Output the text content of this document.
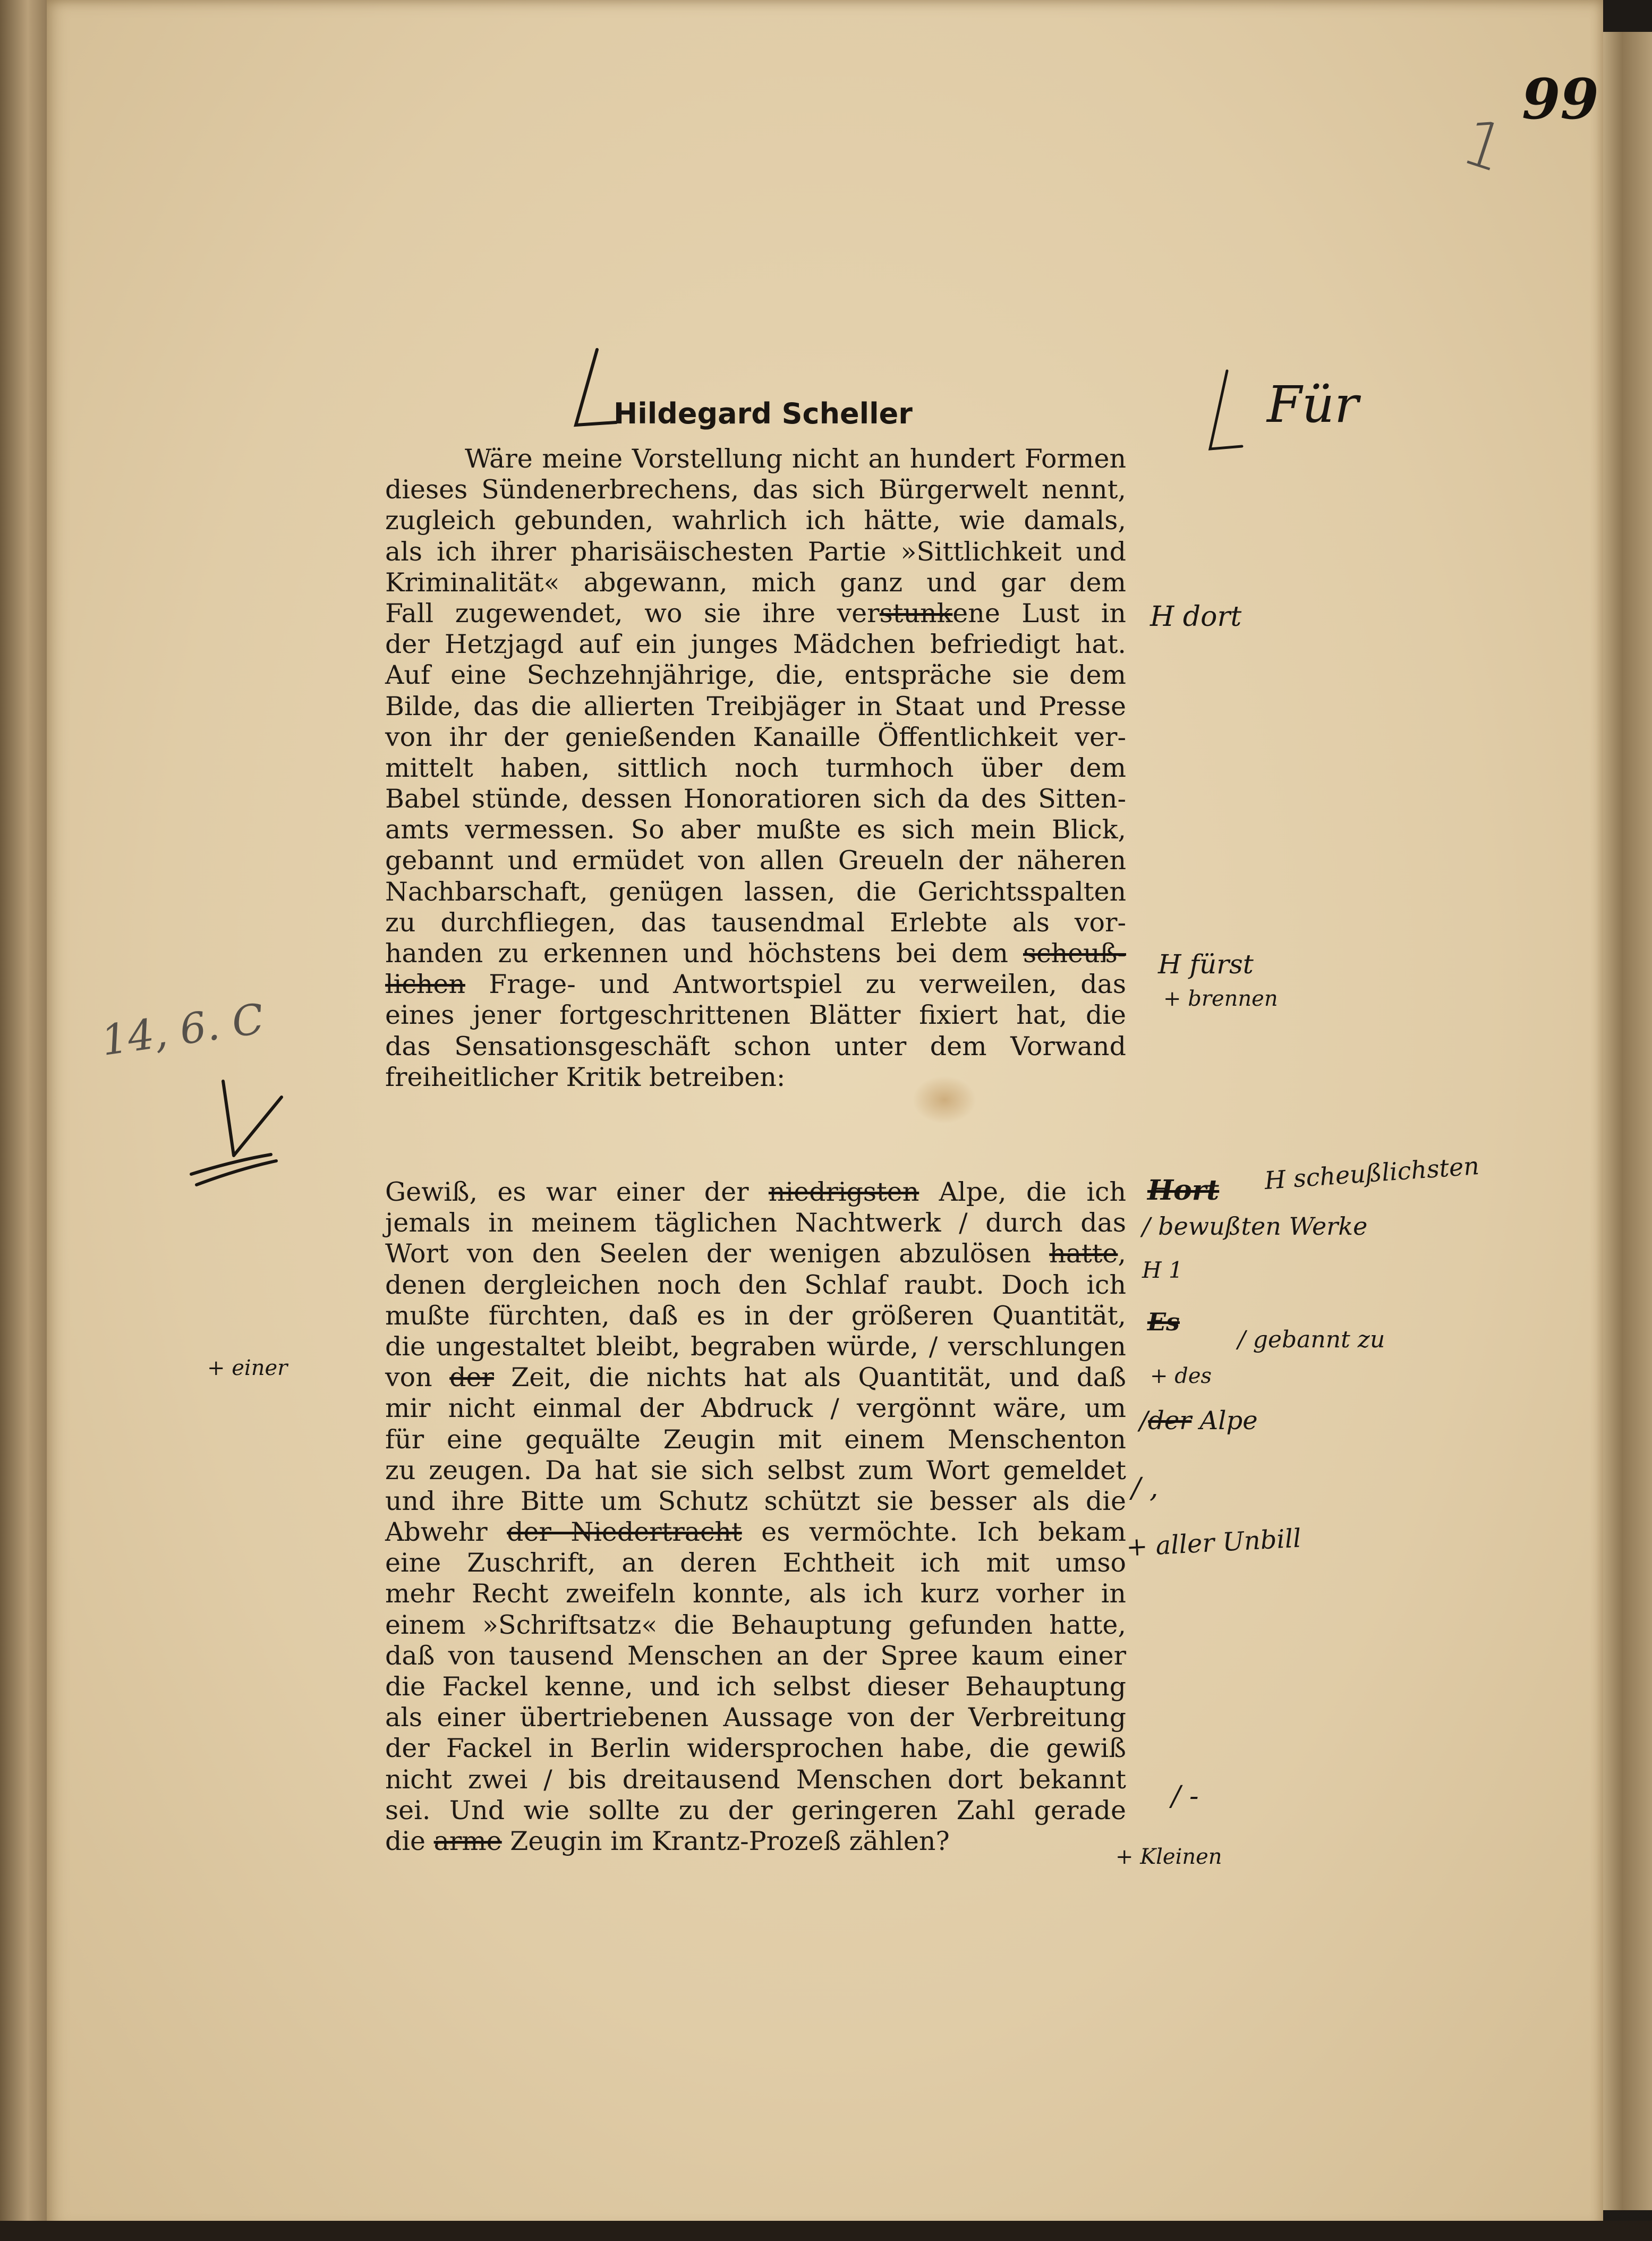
99
1
Hildegard Scheller
Wäre meine Vorstellung nicht an hundert Formen
dieses Sündenerbrechens, das sich Bürgerwelt nennt,
zugleich gebunden, wahrlich ich hätte, wie damals,
als ich ihrer pharisäischesten Partie »Sittlichkeit und
Kriminalität« abgewann, mich ganz und gar dem
Fall zugewendet, wo sie ihre verstunkene Lust in
der Hetzjagd auf ein junges Mädchen befriedigt hat.
Auf eine Sechzehnjährige, die, entspräche sie dem
Bilde, das die allierten Treibjäger in Staat und Presse
von ihr der genießenden Kanaille Öffentlichkeit ver-
mittelt haben, sittlich noch turmhoch über dem
Babel stünde, dessen Honoratioren sich da des Sitten-
amts vermessen. So aber mußte es sich mein Blick,
gebannt und ermüdet von allen Greueln der näheren
Nachbarschaft, genügen lassen, die Gerichtsspalten
zu durchfliegen, das tausendmal Erlebte als vor-
handen zu erkennen und höchstens bei dem scheuß-
lichen Frage- und Antwortspiel zu verweilen, das
eines jener fortgeschrittenen Blätter fixiert hat, die
das Sensationsgeschäft schon unter dem Vorwand
freiheitlicher Kritik betreiben:
Gewiß, es war einer der niedrigsten Alpe, die ich
jemals in meinem täglichen Nachtwerk / durch das
Wort von den Seelen der wenigen abzulösen hatte,
denen dergleichen noch den Schlaf raubt. Doch ich
mußte fürchten, daß es in der größeren Quantität,
die ungestaltet bleibt, begraben würde, / verschlungen
von der Zeit, die nichts hat als Quantität, und daß
mir nicht einmal der Abdruck / vergönnt wäre, um
für eine gequälte Zeugin mit einem Menschenton
zu zeugen. Da hat sie sich selbst zum Wort gemeldet
und ihre Bitte um Schutz schützt sie besser als die
Abwehr der Niedertracht es vermöchte. Ich bekam
eine Zuschrift, an deren Echtheit ich mit umso
mehr Recht zweifeln konnte, als ich kurz vorher in
einem »Schriftsatz« die Behauptung gefunden hatte,
daß von tausend Menschen an der Spree kaum einer
die Fackel kenne, und ich selbst dieser Behauptung
als einer übertriebenen Aussage von der Verbreitung
der Fackel in Berlin widersprochen habe, die gewiß
nicht zwei / bis dreitausend Menschen dort bekannt
sei. Und wie sollte zu der geringeren Zahl gerade
die arme Zeugin im Krantz-Prozeß zählen?
Für
H dort
H fürst
+ brennen
14, 6. C
Hort H scheußlichsten
/ bewußten Werke
H 1
Es
/ gebannt zu
+ des
/der Alpe
+ einer
/ ,
+ aller Unbill
/ -
+ Kleinen
